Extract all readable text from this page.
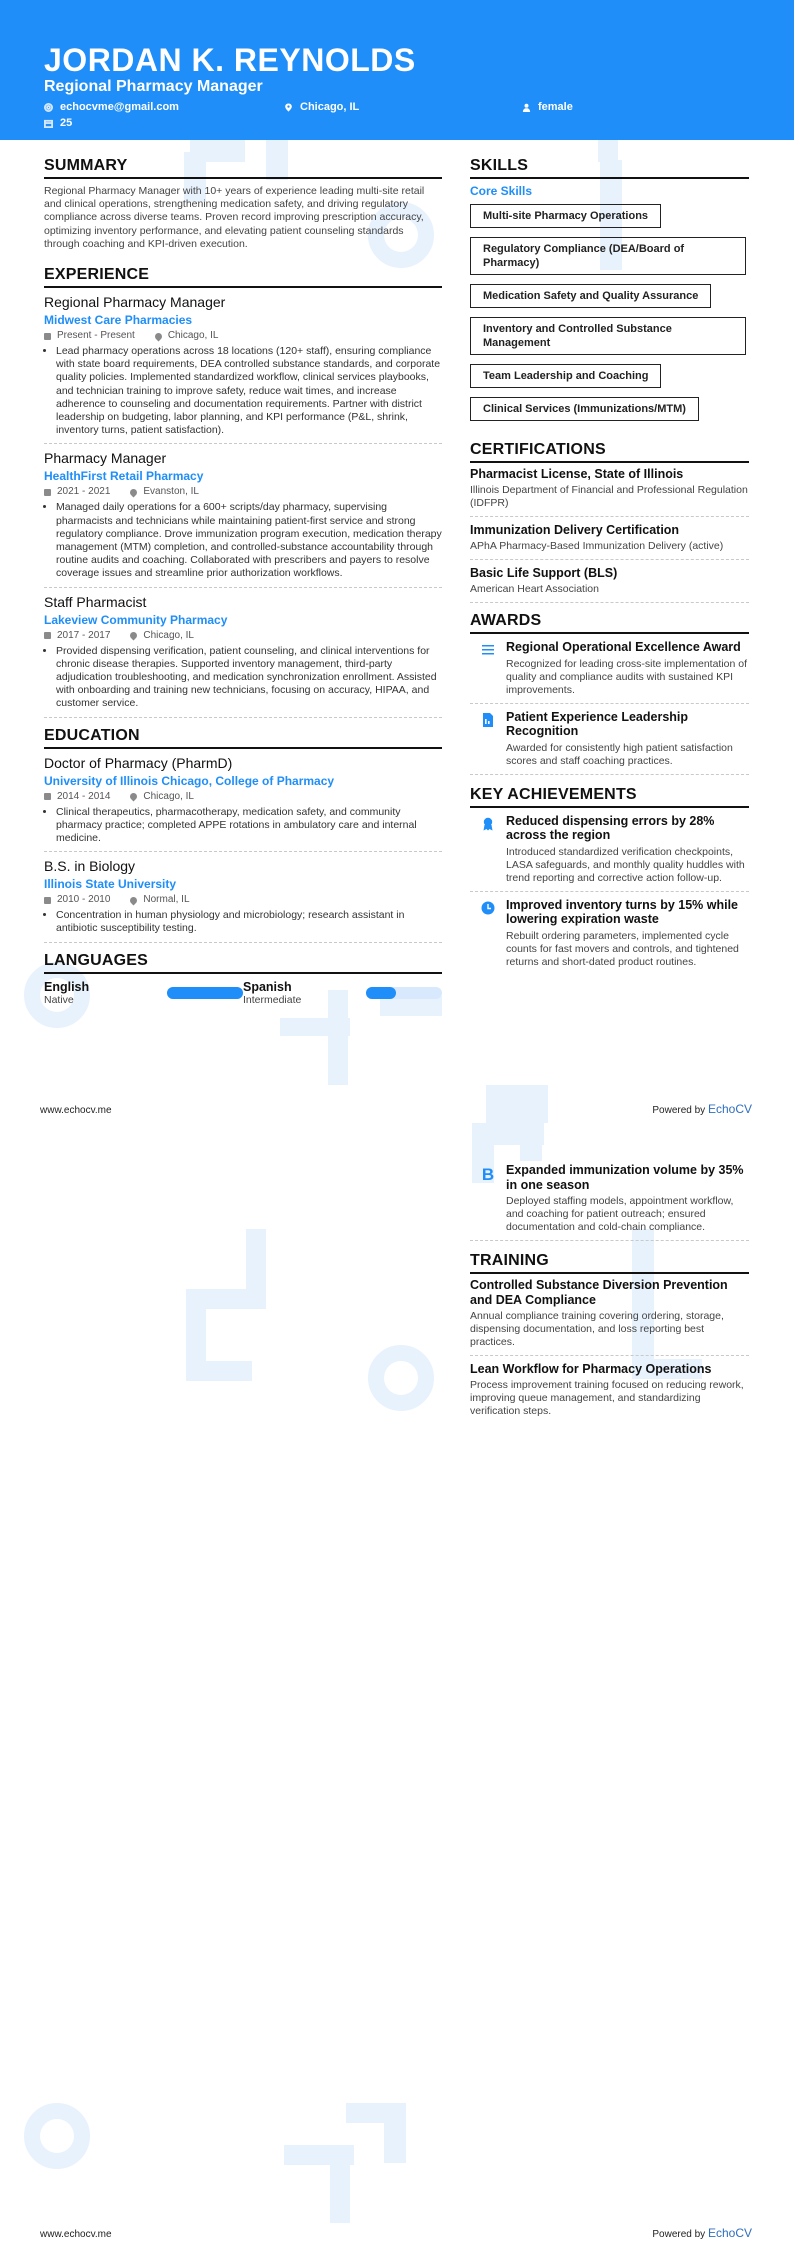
JORDAN K. REYNOLDS
Regional Pharmacy Manager
echocvme@gmail.com	Chicago, IL	female
25
SUMMARY
Regional Pharmacy Manager with 10+ years of experience leading multi-site retail and clinical operations, strengthening medication safety, and driving regulatory compliance across diverse teams. Proven record improving prescription accuracy, optimizing inventory performance, and elevating patient counseling standards through coaching and KPI-driven execution.
EXPERIENCE
Regional Pharmacy Manager
Midwest Care Pharmacies
Present - Present	Chicago, IL
• Lead pharmacy operations across 18 locations (120+ staff), ensuring compliance with state board requirements, DEA controlled substance standards, and corporate quality policies. Implemented standardized workflow, clinical services playbooks, and technician training to improve safety, reduce wait times, and increase adherence to counseling and documentation requirements. Partner with district leadership on budgeting, labor planning, and KPI performance (P&L, shrink, inventory turns, patient satisfaction).
Pharmacy Manager
HealthFirst Retail Pharmacy
2021 - 2021	Evanston, IL
• Managed daily operations for a 600+ scripts/day pharmacy, supervising pharmacists and technicians while maintaining patient-first service and strong regulatory compliance. Drove immunization program execution, medication therapy management (MTM) completion, and controlled-substance accountability through routine audits and coaching. Collaborated with prescribers and payers to resolve coverage issues and streamline prior authorization workflows.
Staff Pharmacist
Lakeview Community Pharmacy
2017 - 2017	Chicago, IL
• Provided dispensing verification, patient counseling, and clinical interventions for chronic disease therapies. Supported inventory management, third-party adjudication troubleshooting, and medication synchronization enrollment. Assisted with onboarding and training new technicians, focusing on accuracy, HIPAA, and customer service.
EDUCATION
Doctor of Pharmacy (PharmD)
University of Illinois Chicago, College of Pharmacy
2014 - 2014	Chicago, IL
• Clinical therapeutics, pharmacotherapy, medication safety, and community pharmacy practice; completed APPE rotations in ambulatory care and internal medicine.
B.S. in Biology
Illinois State University
2010 - 2010	Normal, IL
• Concentration in human physiology and microbiology; research assistant in antibiotic susceptibility testing.
LANGUAGES
English
Native
Spanish
Intermediate
SKILLS
Core Skills
Multi-site Pharmacy Operations
Regulatory Compliance (DEA/Board of Pharmacy)
Medication Safety and Quality Assurance
Inventory and Controlled Substance Management
Team Leadership and Coaching
Clinical Services (Immunizations/MTM)
CERTIFICATIONS
Pharmacist License, State of Illinois
Illinois Department of Financial and Professional Regulation (IDFPR)
Immunization Delivery Certification
APhA Pharmacy-Based Immunization Delivery (active)
Basic Life Support (BLS)
American Heart Association
AWARDS
Regional Operational Excellence Award
Recognized for leading cross-site implementation of quality and compliance audits with sustained KPI improvements.
Patient Experience Leadership Recognition
Awarded for consistently high patient satisfaction scores and staff coaching practices.
KEY ACHIEVEMENTS
Reduced dispensing errors by 28% across the region
Introduced standardized verification checkpoints, LASA safeguards, and monthly quality huddles with trend reporting and corrective action follow-up.
Improved inventory turns by 15% while lowering expiration waste
Rebuilt ordering parameters, implemented cycle counts for fast movers and controls, and tightened returns and short-dated product routines.
www.echocv.me	Powered by EchoCV
B Expanded immunization volume by 35% in one season
Deployed staffing models, appointment workflow, and coaching for patient outreach; ensured documentation and cold-chain compliance.
TRAINING
Controlled Substance Diversion Prevention and DEA Compliance
Annual compliance training covering ordering, storage, dispensing documentation, and loss reporting best practices.
Lean Workflow for Pharmacy Operations
Process improvement training focused on reducing rework, improving queue management, and standardizing verification steps.
www.echocv.me	Powered by EchoCV
